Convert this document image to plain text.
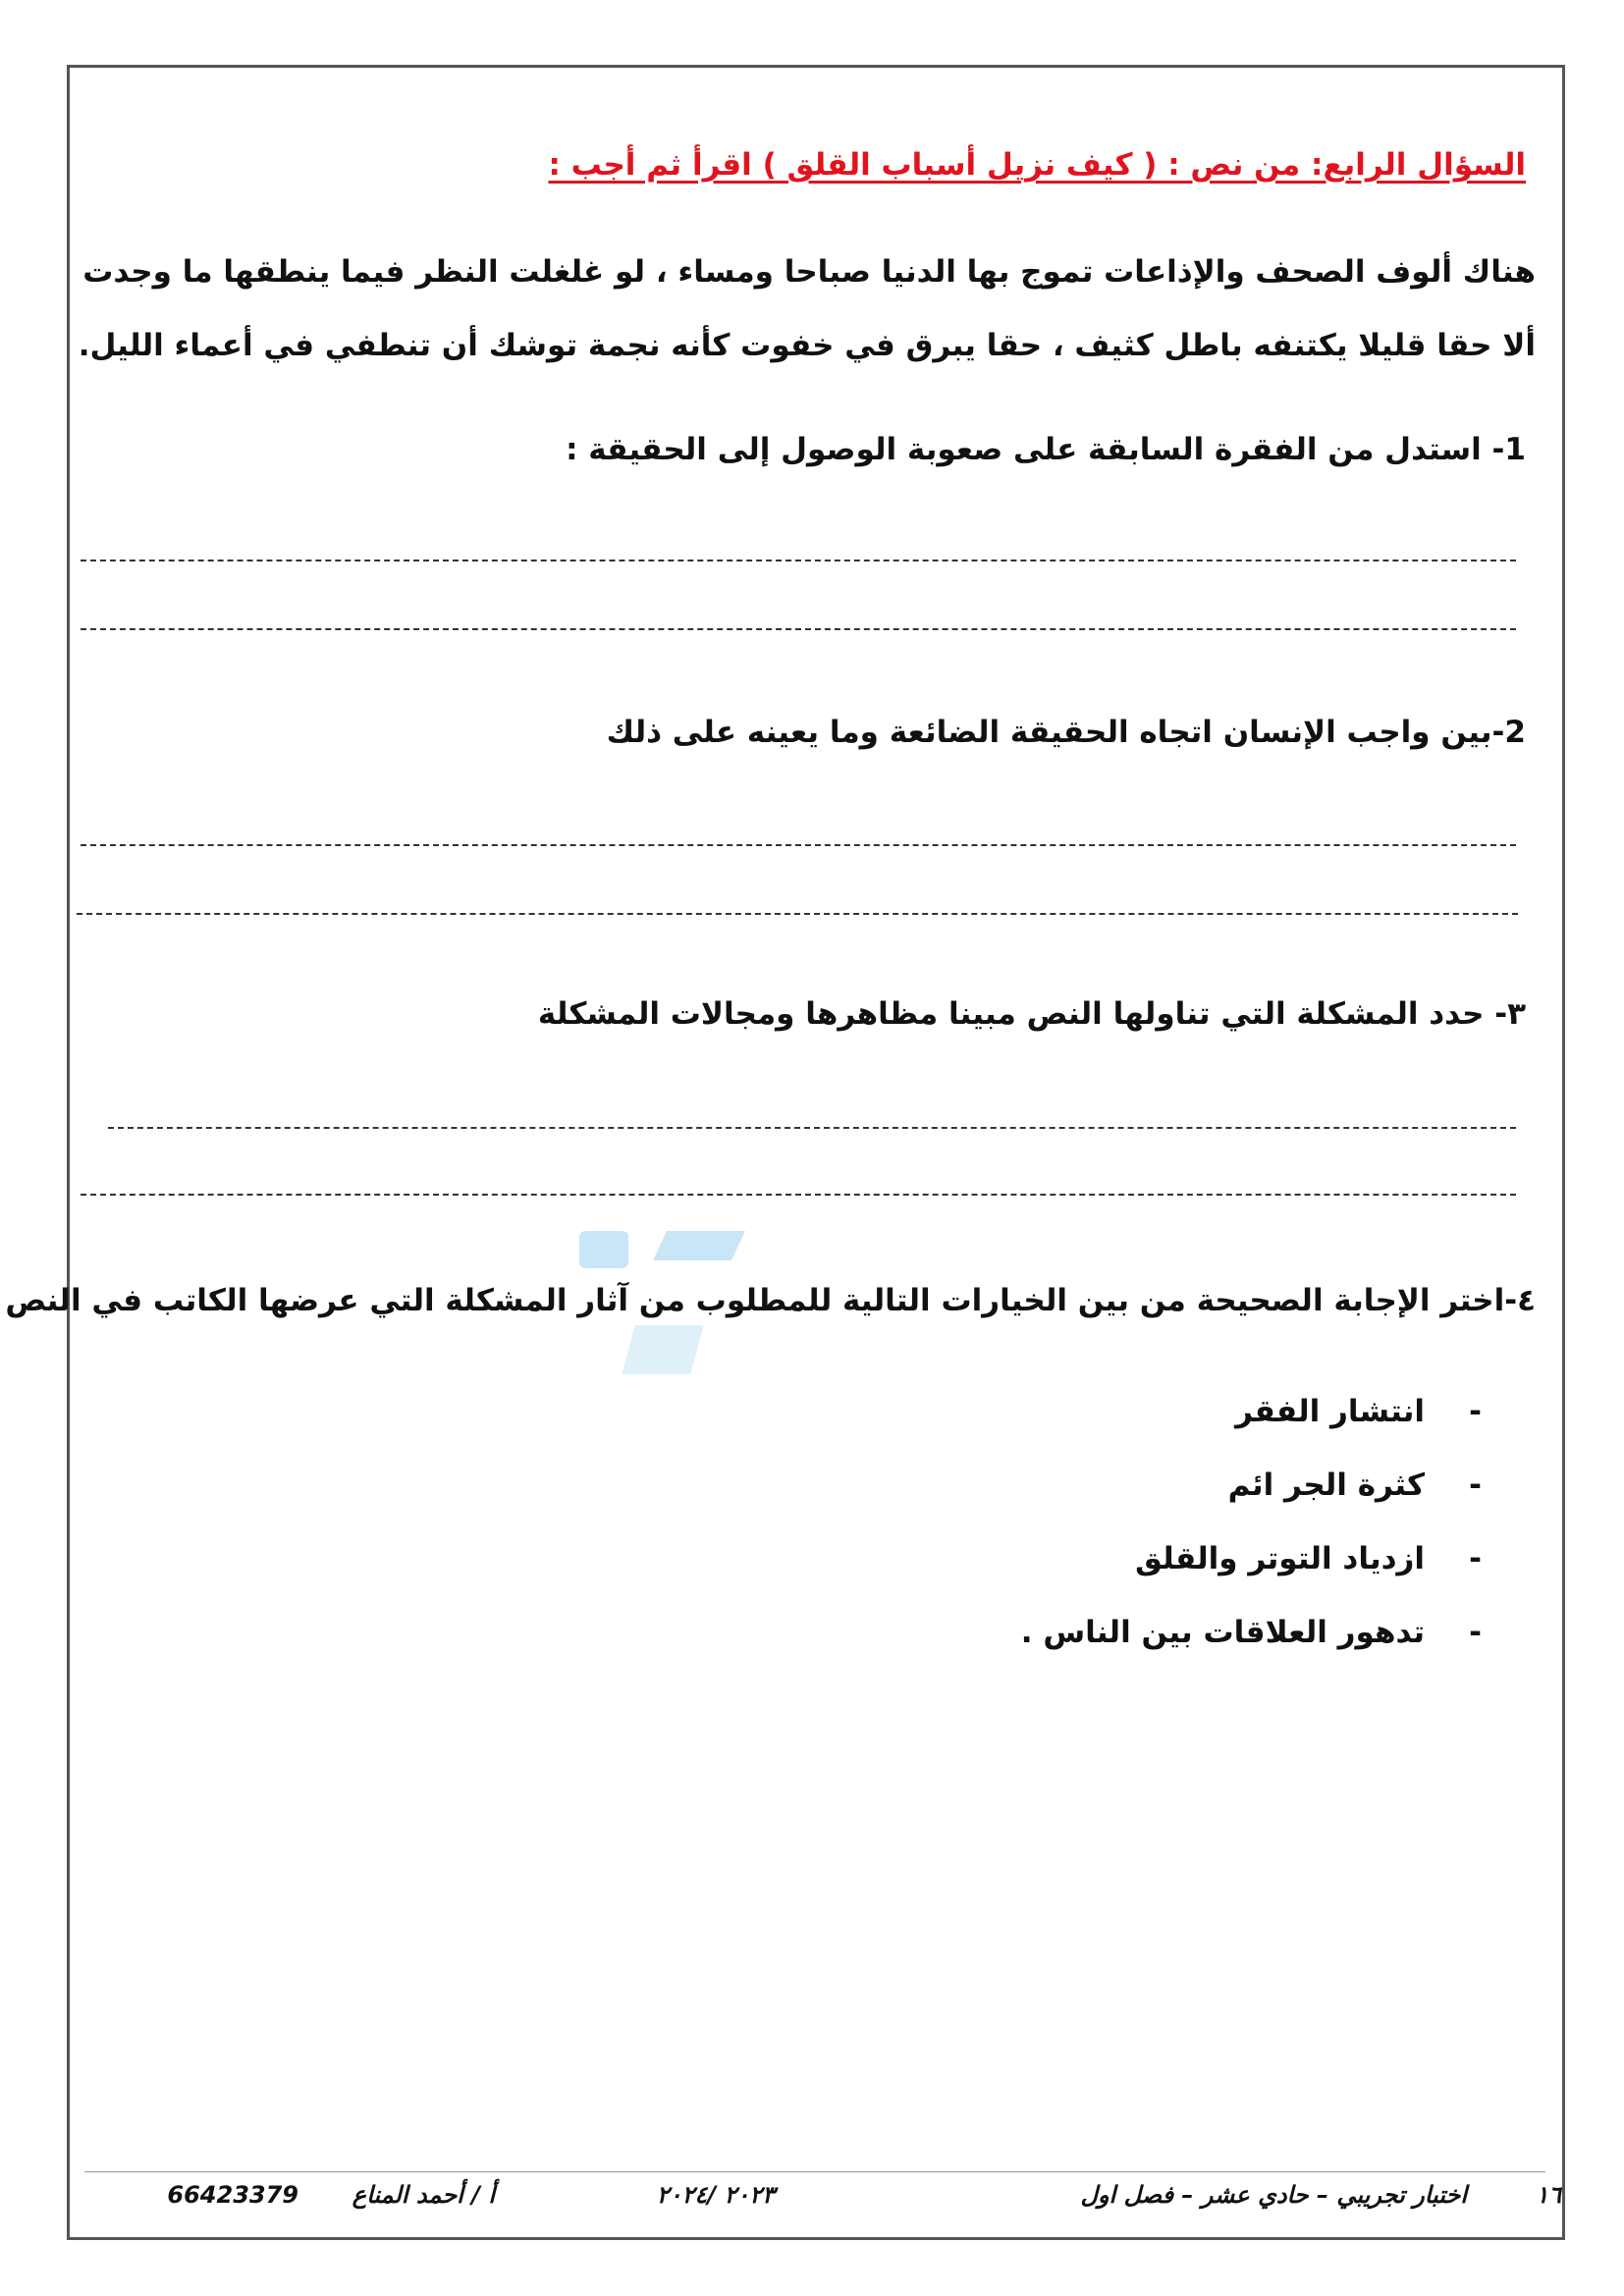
السؤال الرابع: من نص : ( كيف نزيل أسباب القلق ) اقرأ ثم أجب :
هناك ألوف الصحف والإذاعات تموج بها الدنيا صباحا ومساء ، لو غلغلت النظر فيما ينطقها ما وجدت
ألا حقا قليلا يكتنفه باطل كثيف ، حقا يبرق في خفوت كأنه نجمة توشك أن تنطفي في أعماء الليل.
1- استدل من الفقرة السابقة على صعوبة الوصول إلى الحقيقة :
2-بين واجب الإنسان اتجاه الحقيقة الضائعة وما يعينه على ذلك
٣- حدد المشكلة التي تناولها النص مبينا مظاهرها ومجالات المشكلة
٤-اختر الإجابة الصحيحة من بين الخيارات التالية للمطلوب من آثار المشكلة التي عرضها الكاتب في النص
-انتشار الفقر
-كثرة الجر ائم
-ازدياد التوتر والقلق
-تدهور العلاقات بين الناس .
١٦
اختبار تجريبي – حادي عشر – فصل اول
٢٠٢٣ /٢٠٢٤
أ / أحمد المناع
66423379
